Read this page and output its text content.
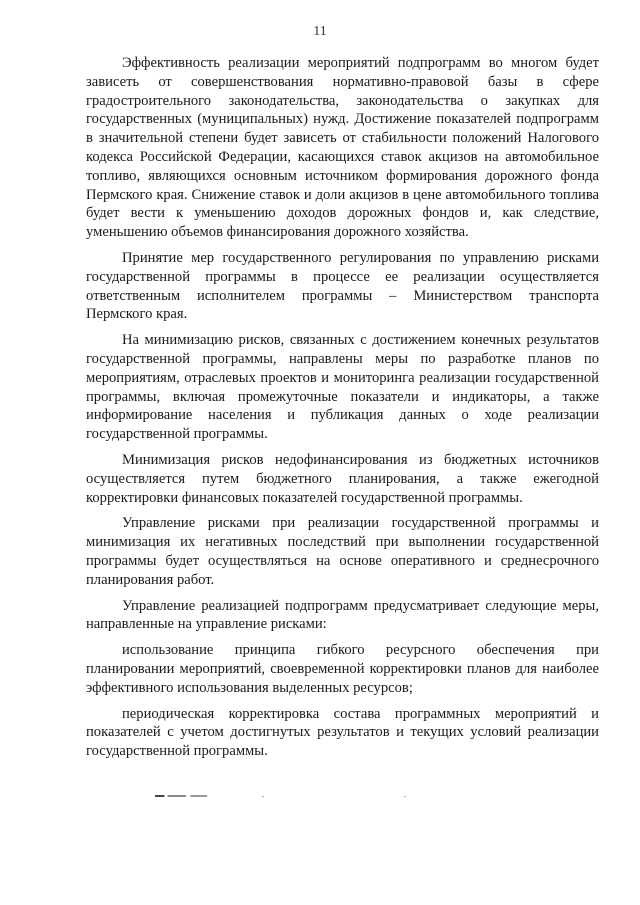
11

Эффективность реализации мероприятий подпрограмм во многом будет зависеть от совершенствования нормативно-правовой базы в сфере градостроительного законодательства, законодательства о закупках для государственных (муниципальных) нужд. Достижение показателей подпрограмм в значительной степени будет зависеть от стабильности положений Налогового кодекса Российской Федерации, касающихся ставок акцизов на автомобильное топливо, являющихся основным источником формирования дорожного фонда Пермского края. Снижение ставок и доли акцизов в цене автомобильного топлива будет вести к уменьшению доходов дорожных фондов и, как следствие, уменьшению объемов финансирования дорожного хозяйства.

Принятие мер государственного регулирования по управлению рисками государственной программы в процессе ее реализации осуществляется ответственным исполнителем программы – Министерством транспорта Пермского края.

На минимизацию рисков, связанных с достижением конечных результатов государственной программы, направлены меры по разработке планов по мероприятиям, отраслевых проектов и мониторинга реализации государственной программы, включая промежуточные показатели и индикаторы, а также информирование населения и публикация данных о ходе реализации государственной программы.

Минимизация рисков недофинансирования из бюджетных источников осуществляется путем бюджетного планирования, а также ежегодной корректировки финансовых показателей государственной программы.

Управление рисками при реализации государственной программы и минимизация их негативных последствий при выполнении государственной программы будет осуществляться на основе оперативного и среднесрочного планирования работ.

Управление реализацией подпрограмм предусматривает следующие меры, направленные на управление рисками:

использование принципа гибкого ресурсного обеспечения при планировании мероприятий, своевременной корректировки планов для наиболее эффективного использования выделенных ресурсов;

периодическая корректировка состава программных мероприятий и показателей с учетом достигнутых результатов и текущих условий реализации государственной программы.
